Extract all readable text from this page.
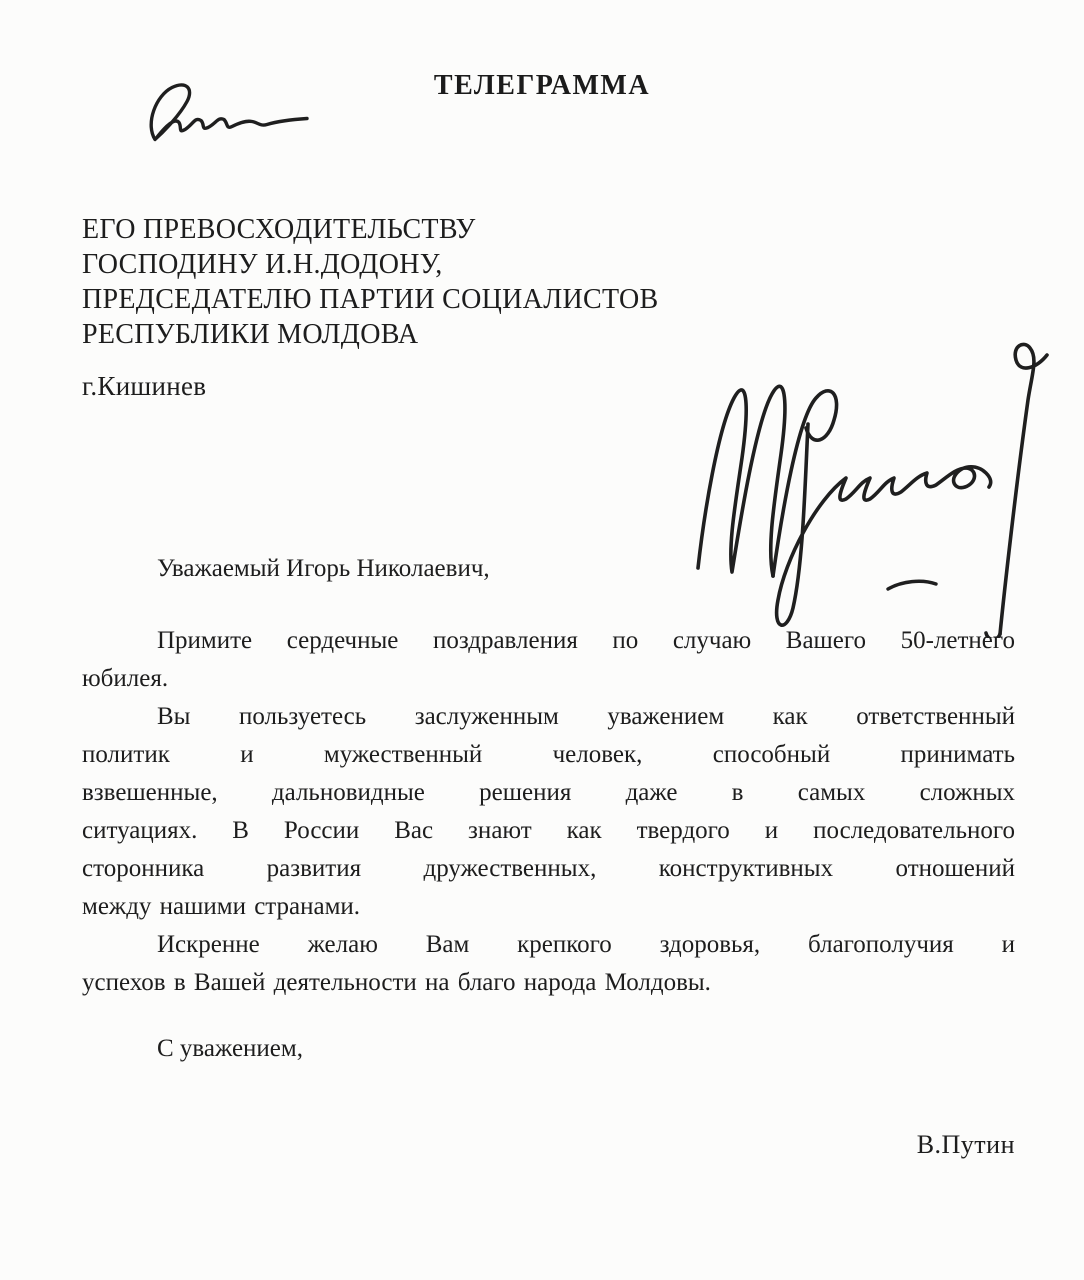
ТЕЛЕГРАММА
ЕГО ПРЕВОСХОДИТЕЛЬСТВУ
ГОСПОДИНУ И.Н.ДОДОНУ,
ПРЕДСЕДАТЕЛЮ ПАРТИИ СОЦИАЛИСТОВ
РЕСПУБЛИКИ МОЛДОВА
г.Кишинев
Уважаемый Игорь Николаевич,
Примите сердечные поздравления по случаю Вашего 50-летнего
юбилея.
Вы пользуетесь заслуженным уважением как ответственный
политик и мужественный человек, способный принимать
взвешенные, дальновидные решения даже в самых сложных
ситуациях. В России Вас знают как твердого и последовательного
сторонника развития дружественных, конструктивных отношений
между нашими странами.
Искренне желаю Вам крепкого здоровья, благополучия и
успехов в Вашей деятельности на благо народа Молдовы.
С уважением,
В.Путин
